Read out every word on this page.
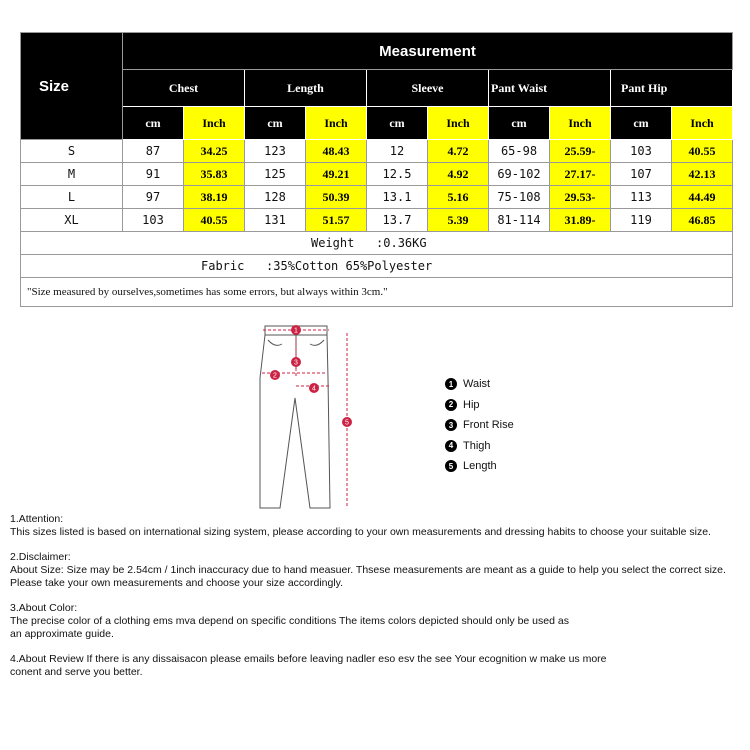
Size	Measurement									
	Chest		Length		Sleeve		Pant Waist		Pant Hip	
	cm	Inch	cm	Inch	cm	Inch	cm	Inch	cm	Inch
S	87	34.25	123	48.43	12	4.72	65-98	25.59-	103	40.55
M	91	35.83	125	49.21	12.5	4.92	69-102	27.17-	107	42.13
L	97	38.19	128	50.39	13.1	5.16	75-108	29.53-	113	44.49
XL	103	40.55	131	51.57	13.7	5.39	81-114	31.89-	119	46.85
Weight   :0.36KG										
Fabric   :35%Cotton 65%Polyester										
"Size measured by ourselves,sometimes has some errors, but always within 3cm."										
1
2
3
4
5
1 Waist
2 Hip
3 Front Rise
4 Thigh
5 Length

1.Attention:

This sizes listed is based on international sizing system, please according to your own measurements and dressing habits to choose your suitable size.

2.Disclaimer:

About Size: Size may be 2.54cm / 1inch inaccuracy due to hand measuer. Thsese measurements are meant as a guide to help you select the correct size.

Please take your own measurements and choose your size accordingly.

3.About Color:

The precise color of a clothing ems mva depend on specific conditions The items colors depicted should only be used as

an approximate guide.

4.About Review If there is any dissaisacon please emails before leaving nadler eso esv the see Your ecognition w make us more

conent and serve you better.
